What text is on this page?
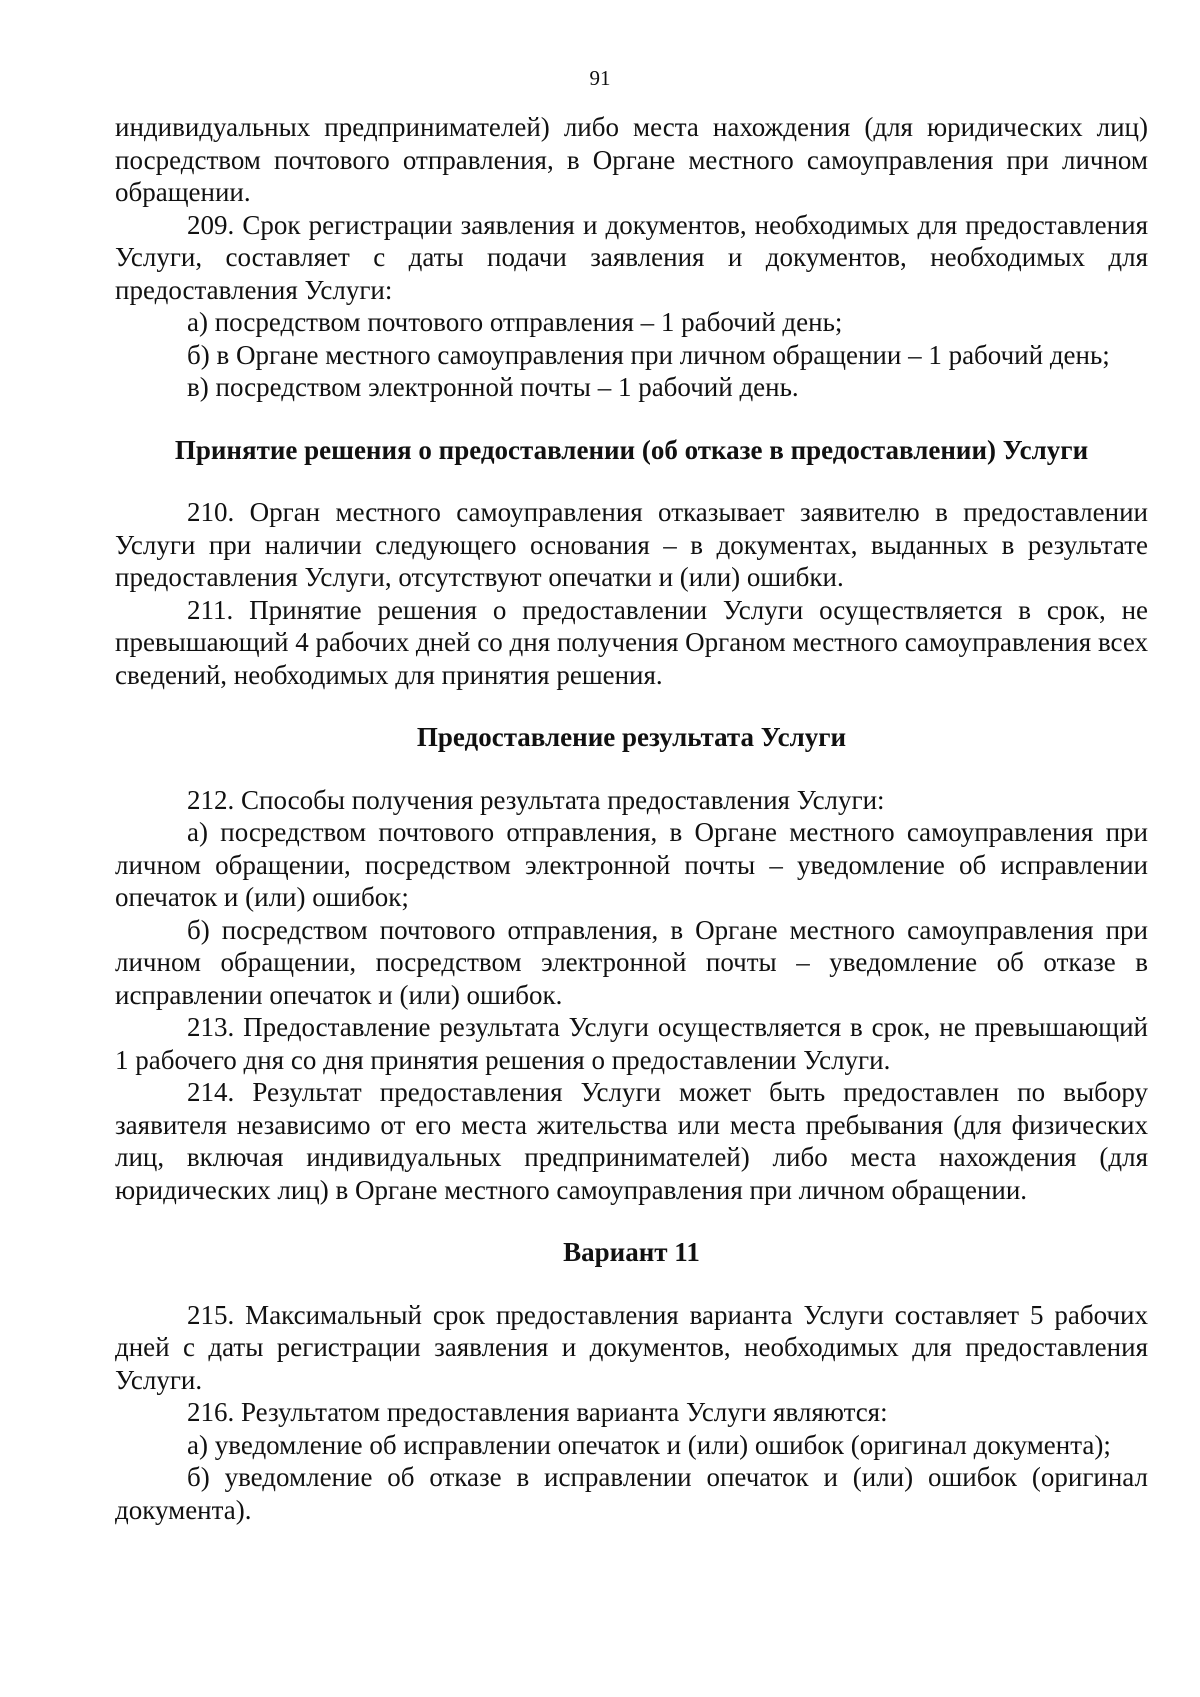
91

индивидуальных предпринимателей) либо места нахождения (для юридических лиц) посредством почтового отправления, в Органе местного самоуправления при личном обращении.

209. Срок регистрации заявления и документов, необходимых для предоставления Услуги, составляет с даты подачи заявления и документов, необходимых для предоставления Услуги:

а) посредством почтового отправления – 1 рабочий день;

б) в Органе местного самоуправления при личном обращении – 1 рабочий день;

в) посредством электронной почты – 1 рабочий день.

Принятие решения о предоставлении (об отказе в предоставлении) Услуги

210. Орган местного самоуправления отказывает заявителю в предоставлении Услуги при наличии следующего основания – в документах, выданных в результате предоставления Услуги, отсутствуют опечатки и (или) ошибки.

211. Принятие решения о предоставлении Услуги осуществляется в срок, не превышающий 4 рабочих дней со дня получения Органом местного самоуправления всех сведений, необходимых для принятия решения.

Предоставление результата Услуги

212. Способы получения результата предоставления Услуги:

а) посредством почтового отправления, в Органе местного самоуправления при личном обращении, посредством электронной почты – уведомление об исправлении опечаток и (или) ошибок;

б) посредством почтового отправления, в Органе местного самоуправления при личном обращении, посредством электронной почты – уведомление об отказе в исправлении опечаток и (или) ошибок.

213. Предоставление результата Услуги осуществляется в срок, не превышающий 1 рабочего дня со дня принятия решения о предоставлении Услуги.

214. Результат предоставления Услуги может быть предоставлен по выбору заявителя независимо от его места жительства или места пребывания (для физических лиц, включая индивидуальных предпринимателей) либо места нахождения (для юридических лиц) в Органе местного самоуправления при личном обращении.

Вариант 11

215. Максимальный срок предоставления варианта Услуги составляет 5 рабочих дней с даты регистрации заявления и документов, необходимых для предоставления Услуги.

216. Результатом предоставления варианта Услуги являются:

а) уведомление об исправлении опечаток и (или) ошибок (оригинал документа);

б) уведомление об отказе в исправлении опечаток и (или) ошибок (оригинал документа).
